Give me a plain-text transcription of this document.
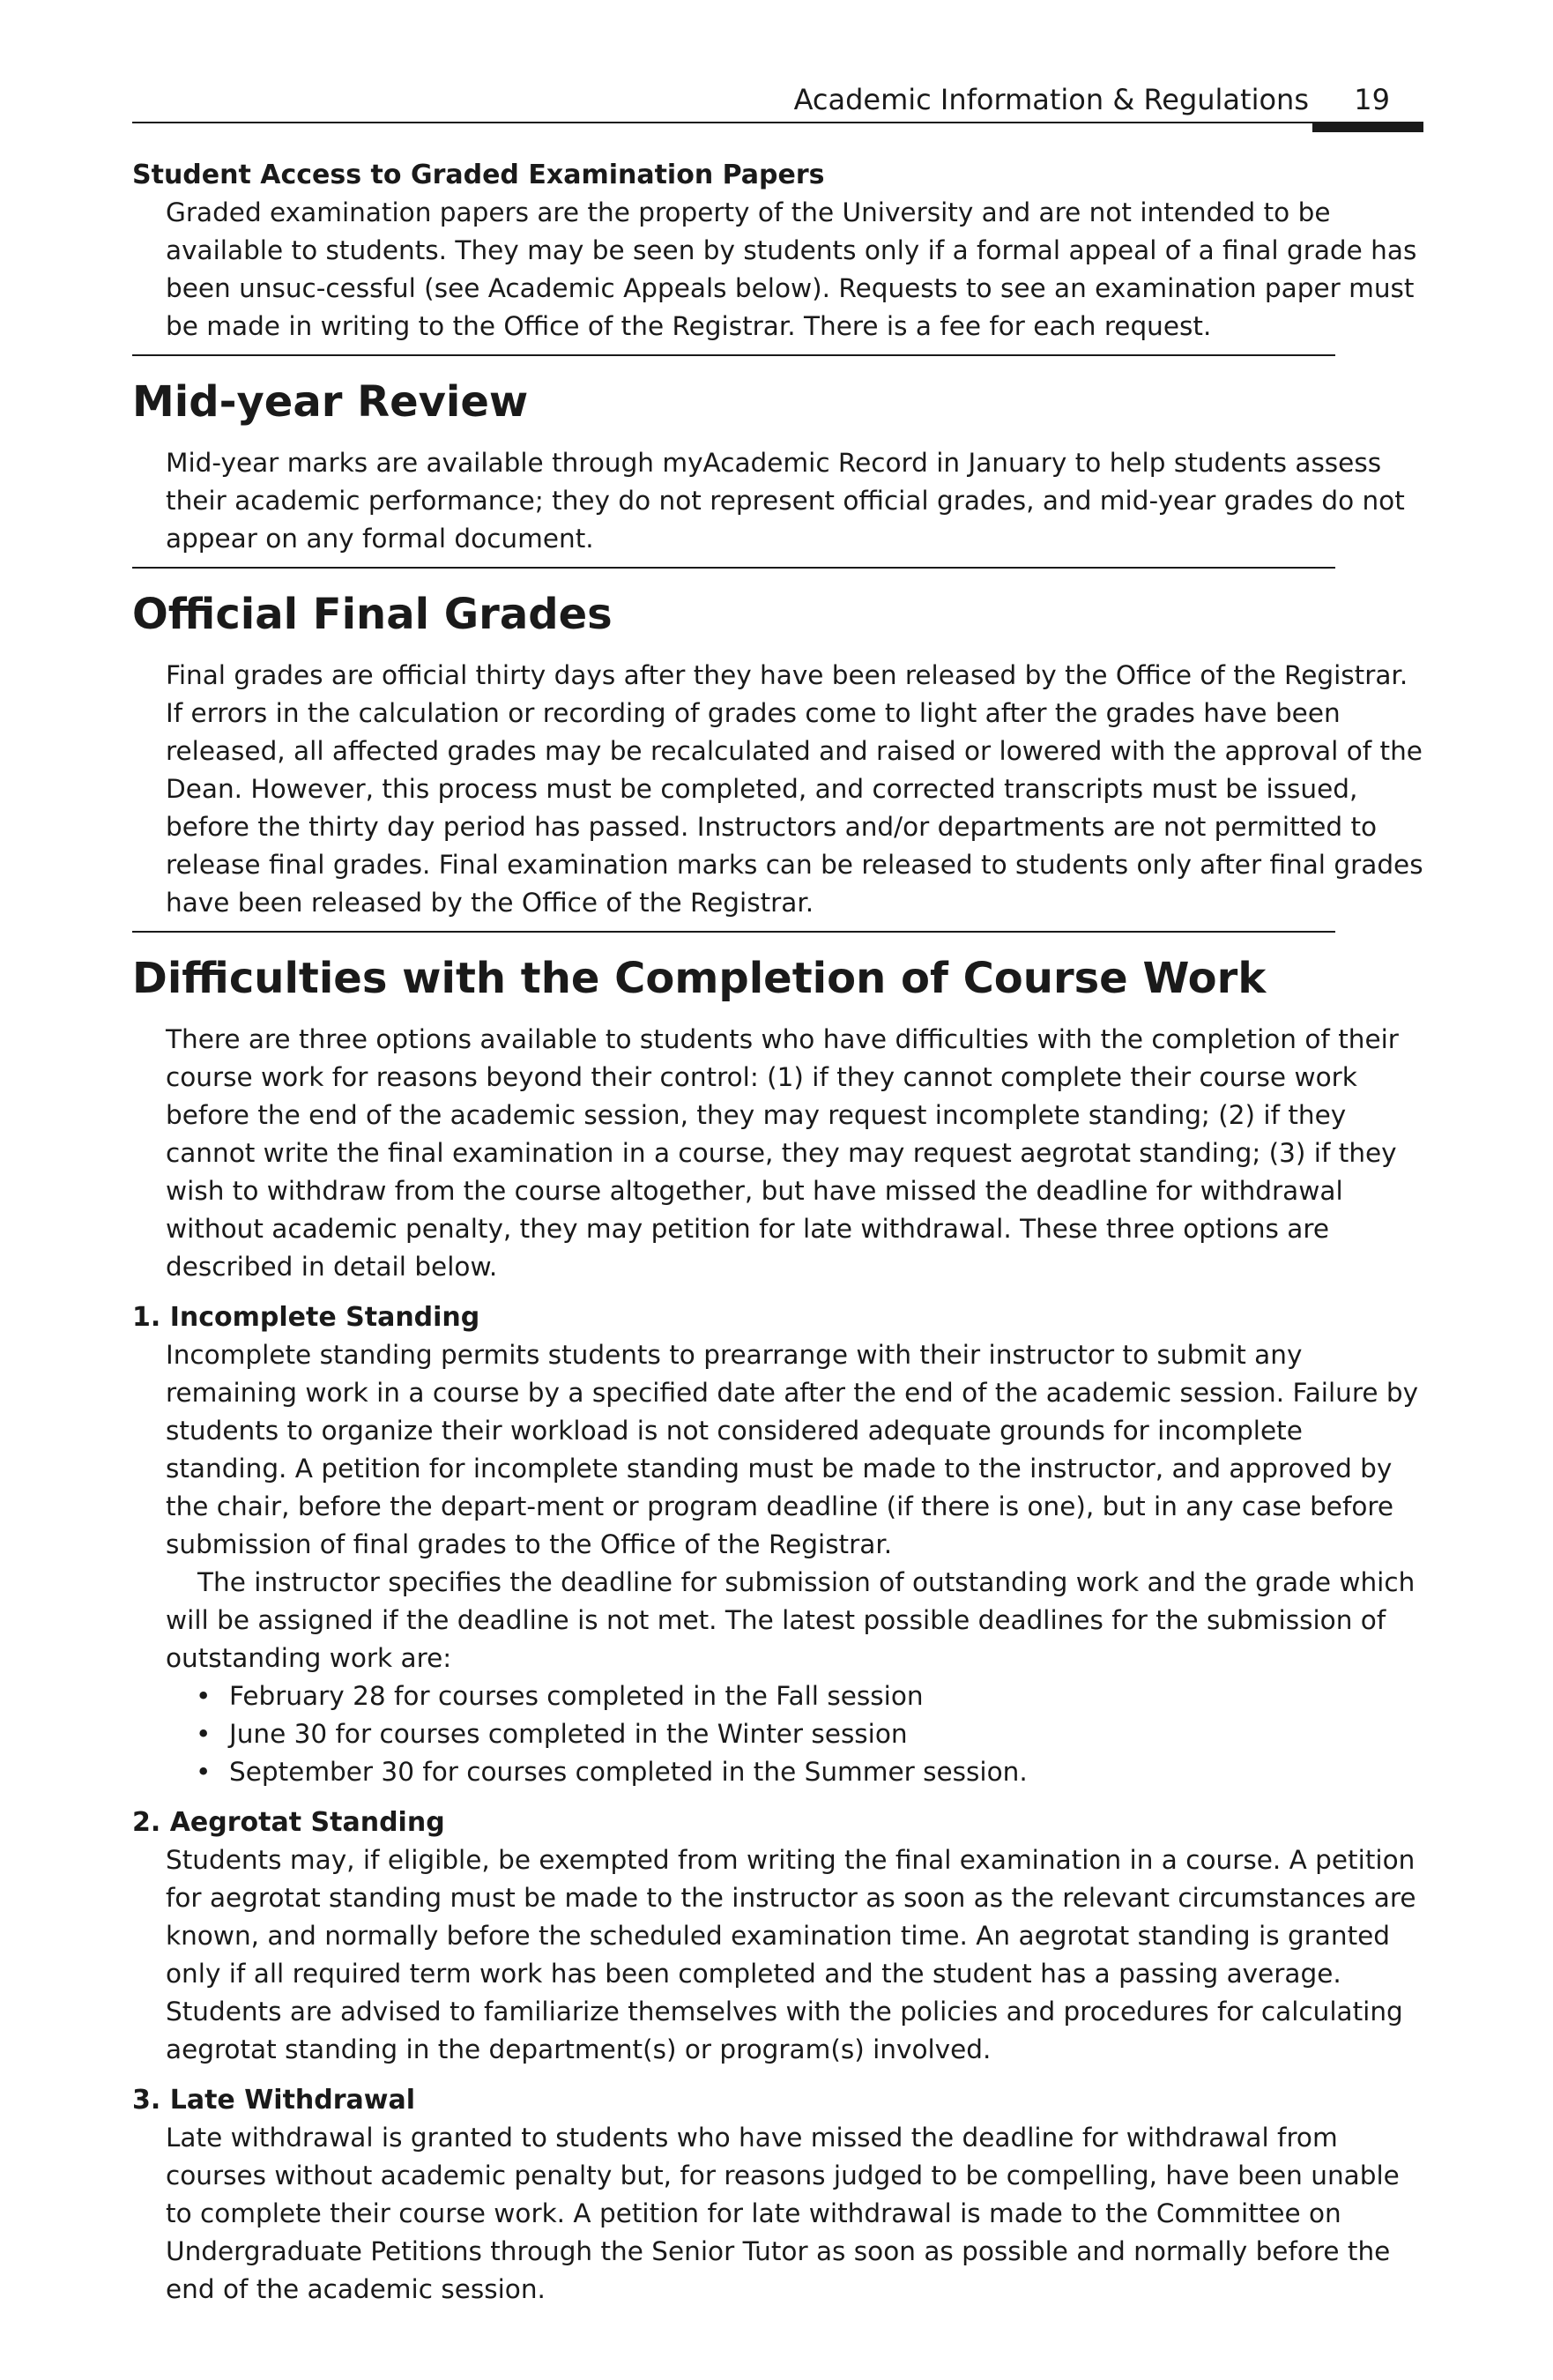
Academic Information & Regulations 19
Student Access to Graded Examination Papers

Graded examination papers are the property of the University and are not intended to be available to students. They may be seen by students only if a formal appeal of a final grade has been unsuc-cessful (see Academic Appeals below). Requests to see an examination paper must be made in writing to the Office of the Registrar. There is a fee for each request.

Mid-year Review

Mid-year marks are available through myAcademic Record in January to help students assess their academic performance; they do not represent official grades, and mid-year grades do not appear on any formal document.

Official Final Grades

Final grades are official thirty days after they have been released by the Office of the Registrar. If errors in the calculation or recording of grades come to light after the grades have been released, all affected grades may be recalculated and raised or lowered with the approval of the Dean. However, this process must be completed, and corrected transcripts must be issued, before the thirty day period has passed. Instructors and/or departments are not permitted to release final grades. Final examination marks can be released to students only after final grades have been released by the Office of the Registrar.

Difficulties with the Completion of Course Work

There are three options available to students who have difficulties with the completion of their course work for reasons beyond their control: (1) if they cannot complete their course work before the end of the academic session, they may request incomplete standing; (2) if they cannot write the final examination in a course, they may request aegrotat standing; (3) if they wish to withdraw from the course altogether, but have missed the deadline for withdrawal without academic penalty, they may petition for late withdrawal. These three options are described in detail below.

1. Incomplete Standing

Incomplete standing permits students to prearrange with their instructor to submit any remaining work in a course by a specified date after the end of the academic session. Failure by students to organize their workload is not considered adequate grounds for incomplete standing. A petition for incomplete standing must be made to the instructor, and approved by the chair, before the depart-ment or program deadline (if there is one), but in any case before submission of final grades to the Office of the Registrar.

The instructor specifies the deadline for submission of outstanding work and the grade which will be assigned if the deadline is not met. The latest possible deadlines for the submission of outstanding work are:

• February 28 for courses completed in the Fall session
• June 30 for courses completed in the Winter session
• September 30 for courses completed in the Summer session.
2. Aegrotat Standing

Students may, if eligible, be exempted from writing the final examination in a course. A petition for aegrotat standing must be made to the instructor as soon as the relevant circumstances are known, and normally before the scheduled examination time. An aegrotat standing is granted only if all required term work has been completed and the student has a passing average. Students are advised to familiarize themselves with the policies and procedures for calculating aegrotat standing in the department(s) or program(s) involved.

3. Late Withdrawal

Late withdrawal is granted to students who have missed the deadline for withdrawal from courses without academic penalty but, for reasons judged to be compelling, have been unable to complete their course work. A petition for late withdrawal is made to the Committee on Undergraduate Petitions through the Senior Tutor as soon as possible and normally before the end of the academic session.
